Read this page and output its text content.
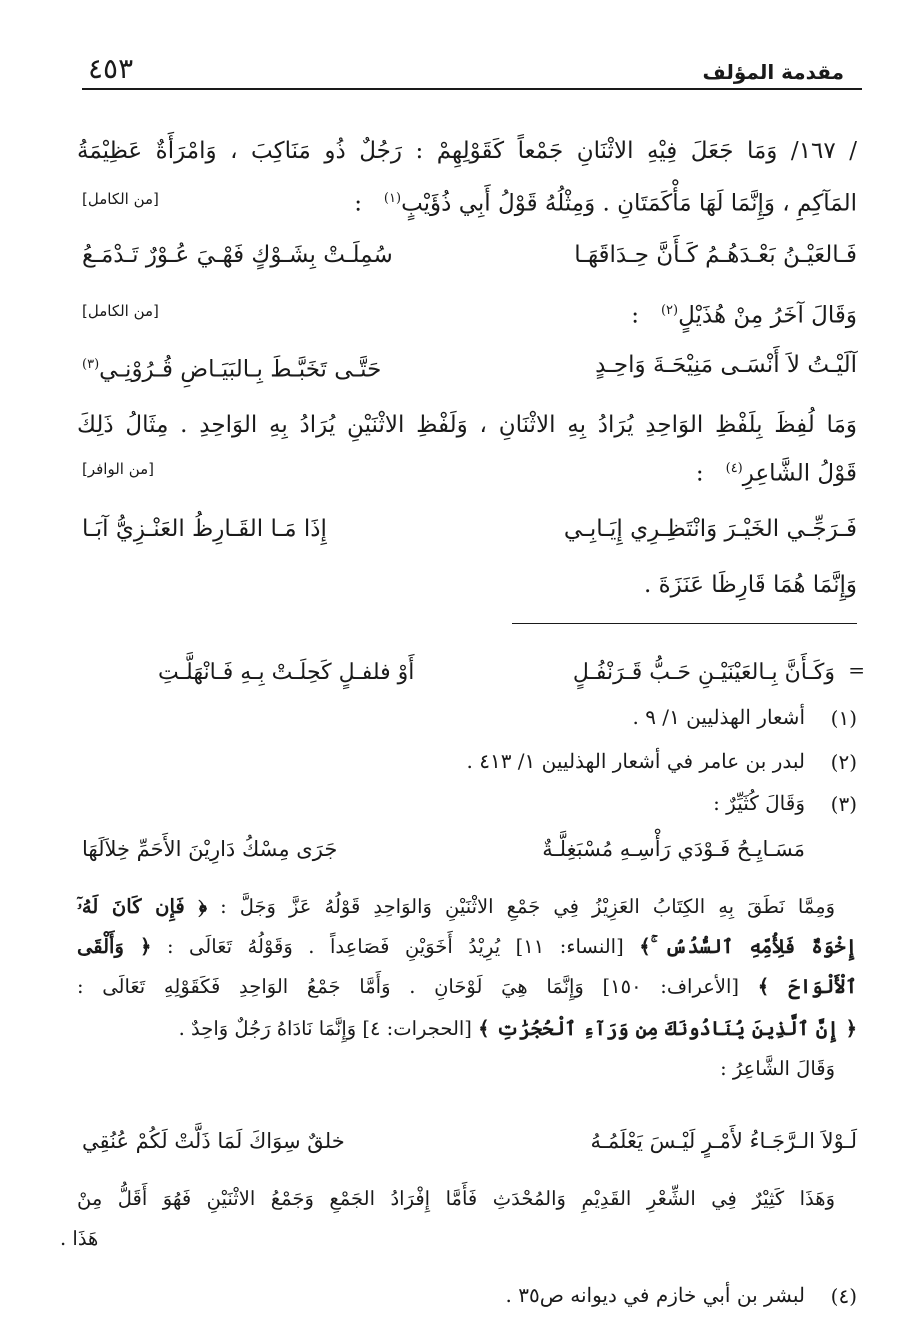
مقدمة المؤلف
٤٥٣
/ ١٦٧/ وَمَا جَعَلَ فِيْهِ الاثْنَانِ جَمْعاً كَقَوْلِهِمْ : رَجُلٌ ذُو مَنَاكِبَ ، وَامْرَأَةٌ عَظِيْمَةُ
المَآكِمِ ، وَإِنَّمَا لَهَا مَأْكَمَتَانِ . وَمِثْلُهُ قَوْلُ أَبِي ذُؤَيْبٍ$^{(١)}$   :
[من الكامل]
فَـالعَيْـنُ بَعْـدَهُـمُ كَـأَنَّ حِـدَاقَهَـا
سُمِلَـتْ بِشَـوْكٍ فَهْـيَ عُـوْرٌ تَـدْمَـعُ
وَقَالَ آخَرُ مِنْ هُذَيْلٍ$^{(٢)}$   :
[من الكامل]
آلَيْـتُ لاَ أَنْسَـى مَنِيْحَـةَ وَاحِـدٍ
حَتَّـى تَخَبَّـطَ بِـالبَيَـاضِ قُـرُوْنِـي$^{(٣)}$
وَمَا لُفِظَ بِلَفْظِ الوَاحِدِ يُرَادُ بِهِ الاثْنَانِ ، وَلَفْظِ الاثْنَيْنِ يُرَادُ بِهِ الوَاحِدِ . مِثَالُ ذَلِكَ
قَوْلُ الشَّاعِرِ$^{(٤)}$   :
[من الوافر]
فَـرَجِّـي الخَيْـرَ وَانْتَظِـرِي إِيَـابِـي
إِذَا مَـا القَـارِظُ العَنْـزِيُّ آبَـا
وَإِنَّمَا هُمَا قَارِظَا عَنَزَةَ .
=
وَكَـأَنَّ بِـالعَيْنَيْـنِ حَـبُّ قَـرَنْفُـلٍ
أَوْ فلفـلٍ كَحِلَـتْ بِـهِ فَـانْهَلَّـتِ
(١)
أشعار الهذليين ١/ ٩ .
(٢)
لبدر بن عامر في أشعار الهذليين ١/ ٤١٣ .
(٣)
وَقَالَ كُثَيِّرٌ :
مَسَـايِـحُ فَـوْدَي رَأْسِـهِ مُسْبَغِلَّـةٌ
جَرَى مِسْكُ دَارِيْنَ الأَحَمِّ خِلاَلَهَا
وَمِمَّا نَطَقَ بِهِ الكِتَابُ العَزِيْزُ فِي جَمْعِ الاثْنَيْنِ وَالوَاحِدِ قَوْلُهُ عَزَّ وَجَلَّ : ﴿ فَإِن كَانَ لَهُۥٓ
إِخْوَةٌ فَلِأُمِّهِ ٱلسُّدُسُ ۚ﴾ [النساء: ١١] يُرِيْدُ أَخَوَيْنِ فَصَاعِداً . وَقَوْلُهُ تَعَالَى : ﴿ وَأَلْقَى
ٱلْأَلْوَاحَ ﴾ [الأعراف: ١٥٠] وَإِنَّمَا هِيَ لَوْحَانِ . وَأَمَّا جَمْعُ الوَاحِدِ فَكَقَوْلِهِ تَعَالَى :
﴿ إِنَّ ٱلَّذِينَ يُنَادُونَكَ مِن وَرَآءِ ٱلْحُجُرَٰتِ ﴾ [الحجرات: ٤] وَإِنَّمَا نَادَاهُ رَجُلٌ وَاحِدٌ .
وَقَالَ الشَّاعِرُ :
لَـوْلاَ الـرَّجَـاءُ لأَمْـرٍ لَيْـسَ يَعْلَمُـهُ
خلقٌ سِوَاكَ لَمَا ذَلَّتْ لَكُمْ عُنُقِي
وَهَذَا كَثِيْرٌ فِي الشِّعْرِ القَدِيْمِ وَالمُحْدَثِ فَأَمَّا إِفْرَادُ الجَمْعِ وَجَمْعُ الاثْنَيْنِ فَهُوَ أَقَلُّ مِنْ
هَذَا .
(٤)
لبشر بن أبي خازم في ديوانه ص٣٥ .
